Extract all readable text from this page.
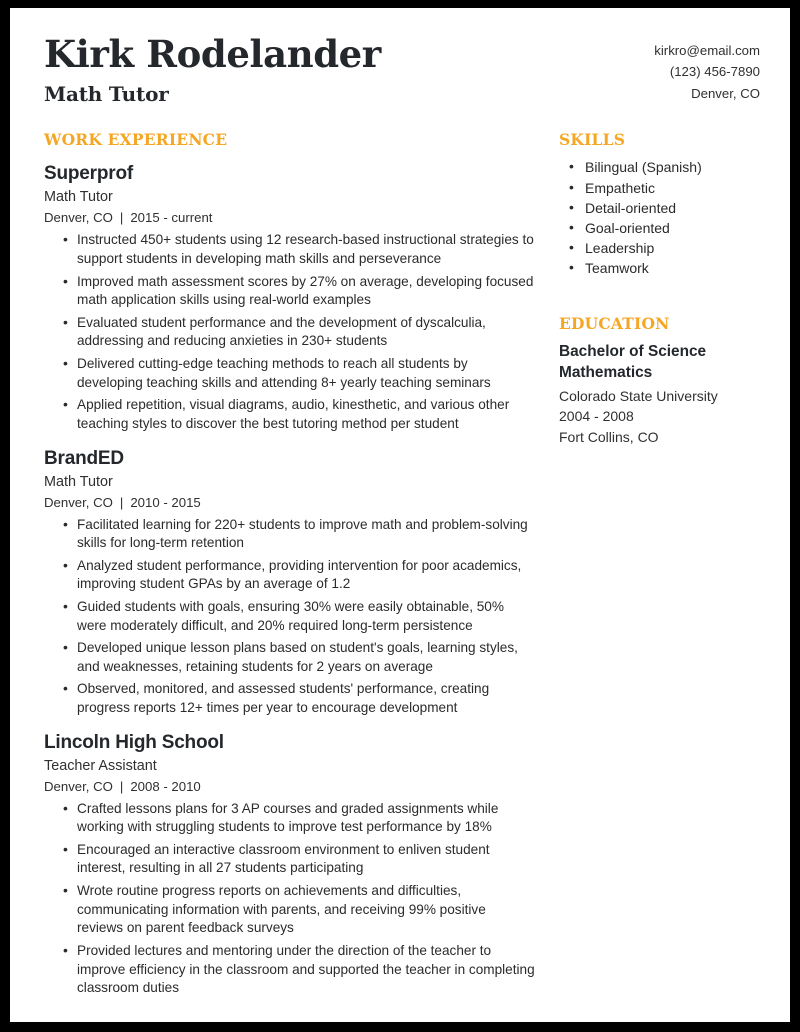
Kirk Rodelander
Math Tutor
kirkro@email.com
(123) 456-7890
Denver, CO
WORK EXPERIENCE
Superprof
Math Tutor
Denver, CO | 2015 - current
• Instructed 450+ students using 12 research-based instructional strategies to support students in developing math skills and perseverance
• Improved math assessment scores by 27% on average, developing focused math application skills using real-world examples
• Evaluated student performance and the development of dyscalculia, addressing and reducing anxieties in 230+ students
• Delivered cutting-edge teaching methods to reach all students by developing teaching skills and attending 8+ yearly teaching seminars
• Applied repetition, visual diagrams, audio, kinesthetic, and various other teaching styles to discover the best tutoring method per student
BrandED
Math Tutor
Denver, CO | 2010 - 2015
• Facilitated learning for 220+ students to improve math and problem-solving skills for long-term retention
• Analyzed student performance, providing intervention for poor academics, improving student GPAs by an average of 1.2
• Guided students with goals, ensuring 30% were easily obtainable, 50% were moderately difficult, and 20% required long-term persistence
• Developed unique lesson plans based on student's goals, learning styles, and weaknesses, retaining students for 2 years on average
• Observed, monitored, and assessed students' performance, creating progress reports 12+ times per year to encourage development
Lincoln High School
Teacher Assistant
Denver, CO | 2008 - 2010
• Crafted lessons plans for 3 AP courses and graded assignments while working with struggling students to improve test performance by 18%
• Encouraged an interactive classroom environment to enliven student interest, resulting in all 27 students participating
• Wrote routine progress reports on achievements and difficulties, communicating information with parents, and receiving 99% positive reviews on parent feedback surveys
• Provided lectures and mentoring under the direction of the teacher to improve efficiency in the classroom and supported the teacher in completing classroom duties
SKILLS
• Bilingual (Spanish)
• Empathetic
• Detail-oriented
• Goal-oriented
• Leadership
• Teamwork
EDUCATION
Bachelor of Science
Mathematics
Colorado State University
2004 - 2008
Fort Collins, CO
